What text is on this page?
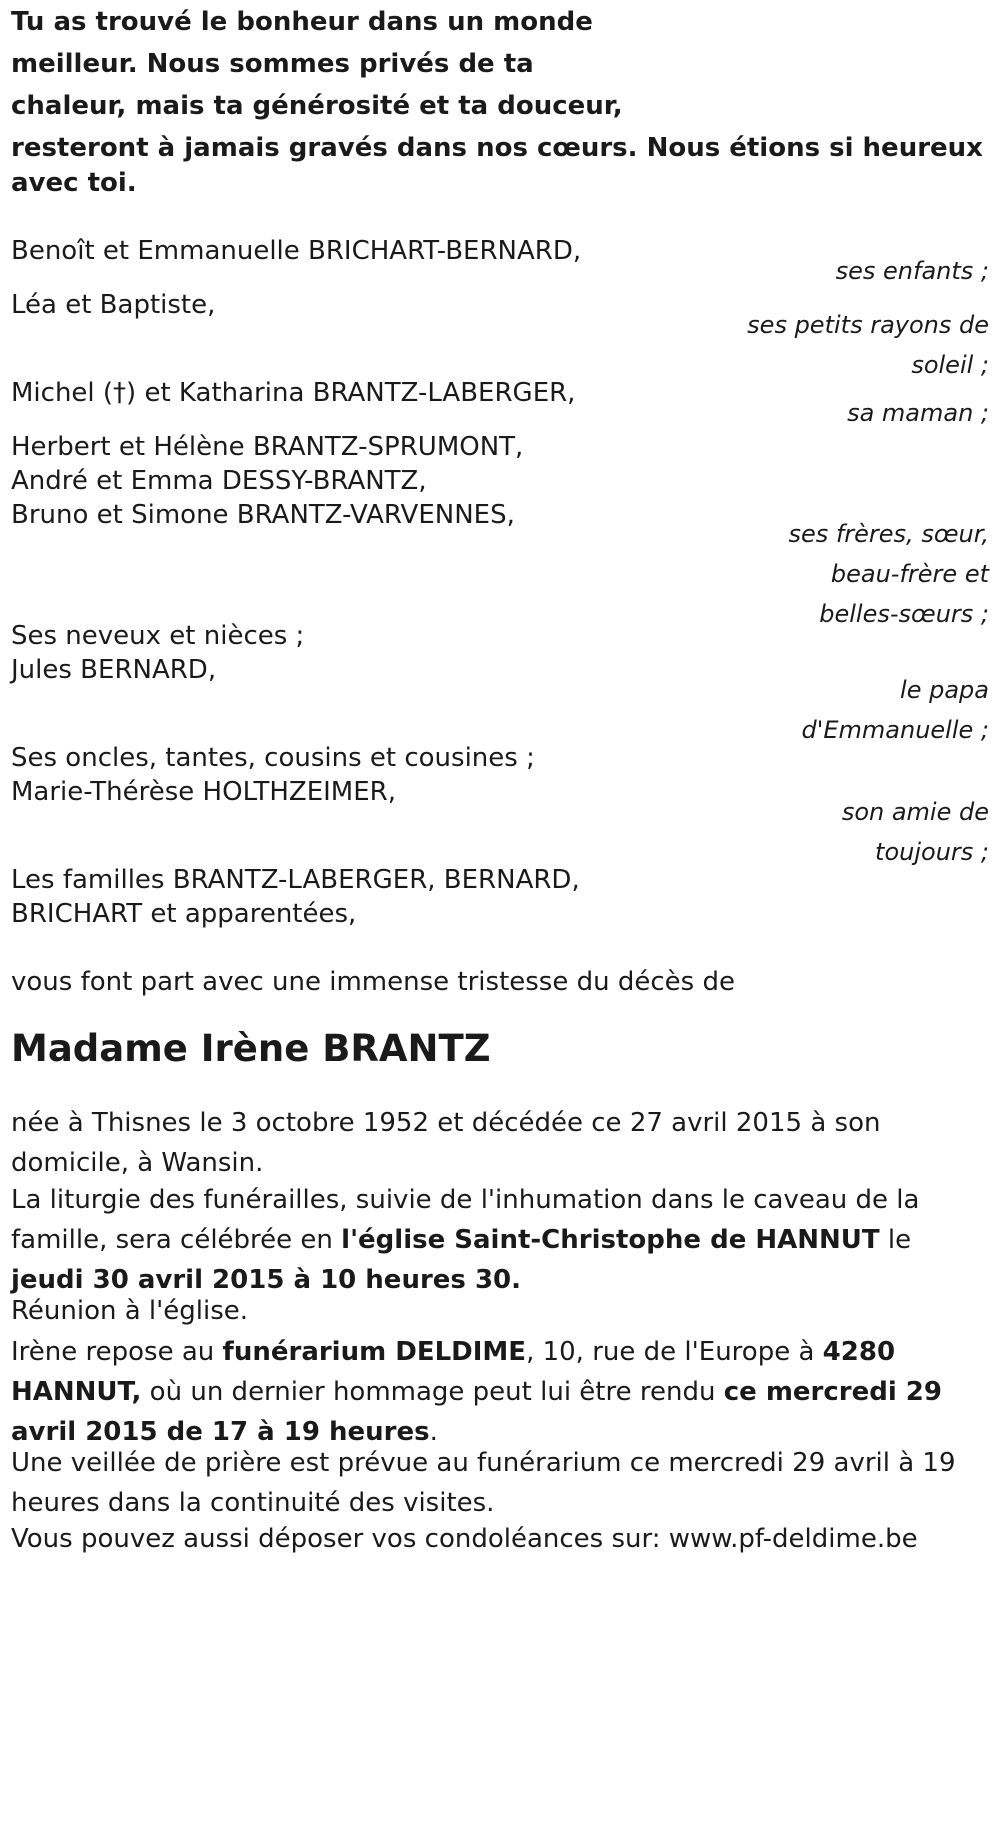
Tu as trouvé le bonheur dans un monde
meilleur. Nous sommes privés de ta
chaleur, mais ta générosité et ta douceur,
resteront à jamais gravés dans nos cœurs. Nous étions si heureux
avec toi.
Benoît et Emmanuelle BRICHART-BERNARD,
ses enfants ;
Léa et Baptiste,
ses petits rayons de
soleil ;
Michel (†) et Katharina BRANTZ-LABERGER,
sa maman ;
Herbert et Hélène BRANTZ-SPRUMONT,
André et Emma DESSY-BRANTZ,
Bruno et Simone BRANTZ-VARVENNES,
ses frères, sœur,
beau-frère et
belles-sœurs ;
Ses neveux et nièces ;
Jules BERNARD,
le papa
d'Emmanuelle ;
Ses oncles, tantes, cousins et cousines ;
Marie-Thérèse HOLTHZEIMER,
son amie de
toujours ;
Les familles BRANTZ-LABERGER, BERNARD,
BRICHART et apparentées,
vous font part avec une immense tristesse du décès de
Madame Irène BRANTZ
née à Thisnes le 3 octobre 1952 et décédée ce 27 avril 2015 à son domicile, à Wansin.
La liturgie des funérailles, suivie de l'inhumation dans le caveau de la famille, sera célébrée en l'église Saint-Christophe de HANNUT le jeudi 30 avril 2015 à 10 heures 30.
Réunion à l'église.
Irène repose au funérarium DELDIME, 10, rue de l'Europe à 4280 HANNUT, où un dernier hommage peut lui être rendu ce mercredi 29 avril 2015 de 17 à 19 heures.
Une veillée de prière est prévue au funérarium ce mercredi 29 avril à 19 heures dans la continuité des visites.
Vous pouvez aussi déposer vos condoléances sur: www.pf-deldime.be
